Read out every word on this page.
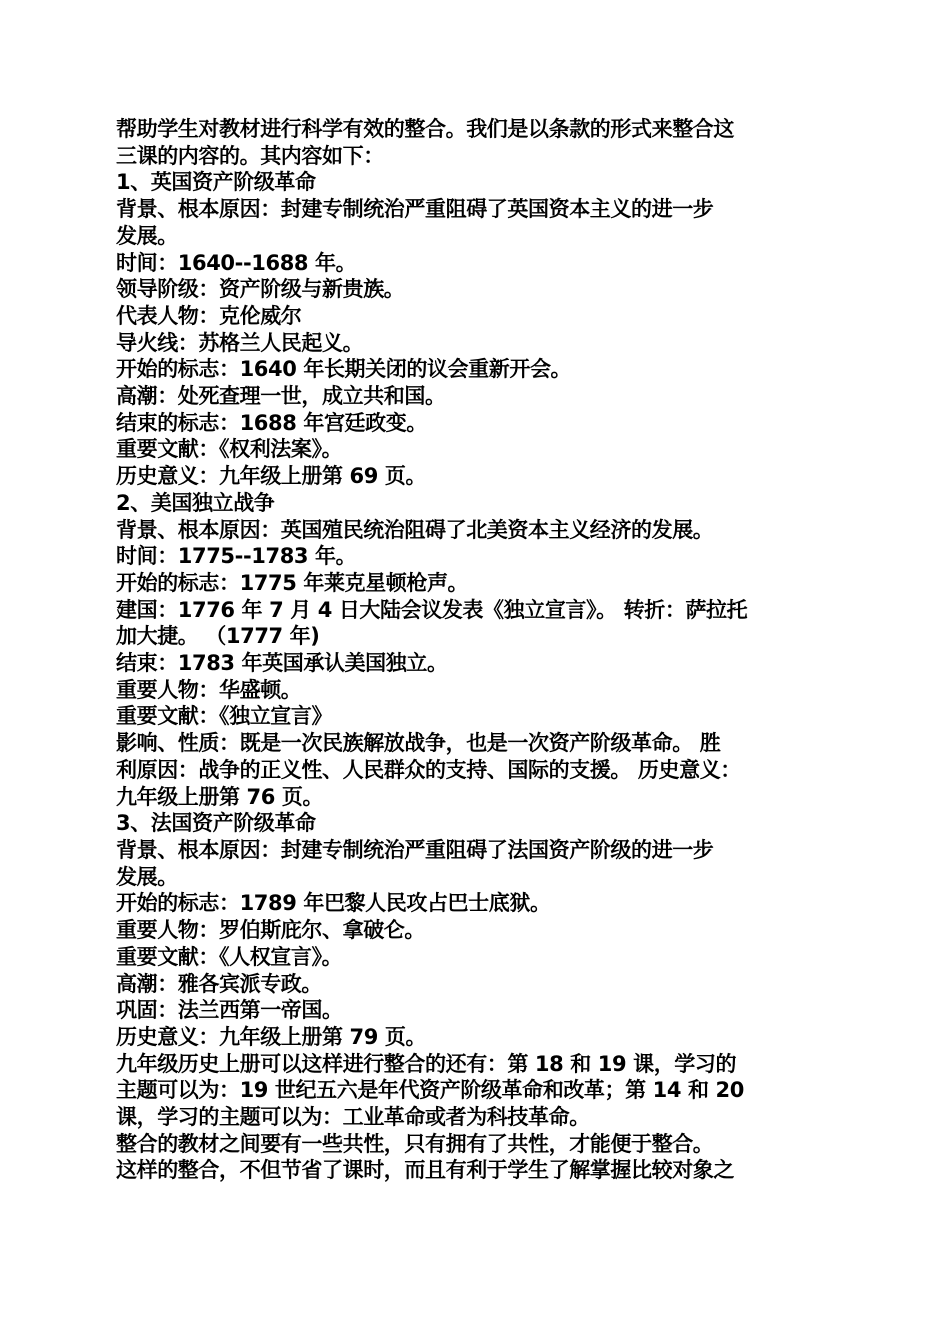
帮助学生对教材进行科学有效的整合。我们是以条款的形式来整合这
三课的内容的。其内容如下：
1、英国资产阶级革命
背景、根本原因：封建专制统治严重阻碍了英国资本主义的进一步
发展。
时间：1640--1688 年。
领导阶级：资产阶级与新贵族。
代表人物：克伦威尔
导火线：苏格兰人民起义。
开始的标志：1640 年长期关闭的议会重新开会。
高潮：处死查理一世，成立共和国。
结束的标志：1688 年宫廷政变。
重要文献：《权利法案》。
历史意义：九年级上册第 69 页。
2、美国独立战争
背景、根本原因：英国殖民统治阻碍了北美资本主义经济的发展。
时间：1775--1783 年。
开始的标志：1775 年莱克星顿枪声。
建国：1776 年 7 月 4 日大陆会议发表《独立宣言》。 转折：萨拉托
加大捷。 （1777 年)
结束：1783 年英国承认美国独立。
重要人物：华盛顿。
重要文献：《独立宣言》
影响、性质：既是一次民族解放战争，也是一次资产阶级革命。 胜
利原因：战争的正义性、人民群众的支持、国际的支援。 历史意义：
九年级上册第 76 页。
3、法国资产阶级革命
背景、根本原因：封建专制统治严重阻碍了法国资产阶级的进一步
发展。
开始的标志：1789 年巴黎人民攻占巴士底狱。
重要人物：罗伯斯庇尔、拿破仑。
重要文献：《人权宣言》。
高潮：雅各宾派专政。
巩固：法兰西第一帝国。
历史意义：九年级上册第 79 页。
九年级历史上册可以这样进行整合的还有：第 18 和 19 课，学习的
主题可以为：19 世纪五六是年代资产阶级革命和改革；第 14 和 20
课，学习的主题可以为：工业革命或者为科技革命。
整合的教材之间要有一些共性，只有拥有了共性，才能便于整合。
这样的整合，不但节省了课时，而且有利于学生了解掌握比较对象之
